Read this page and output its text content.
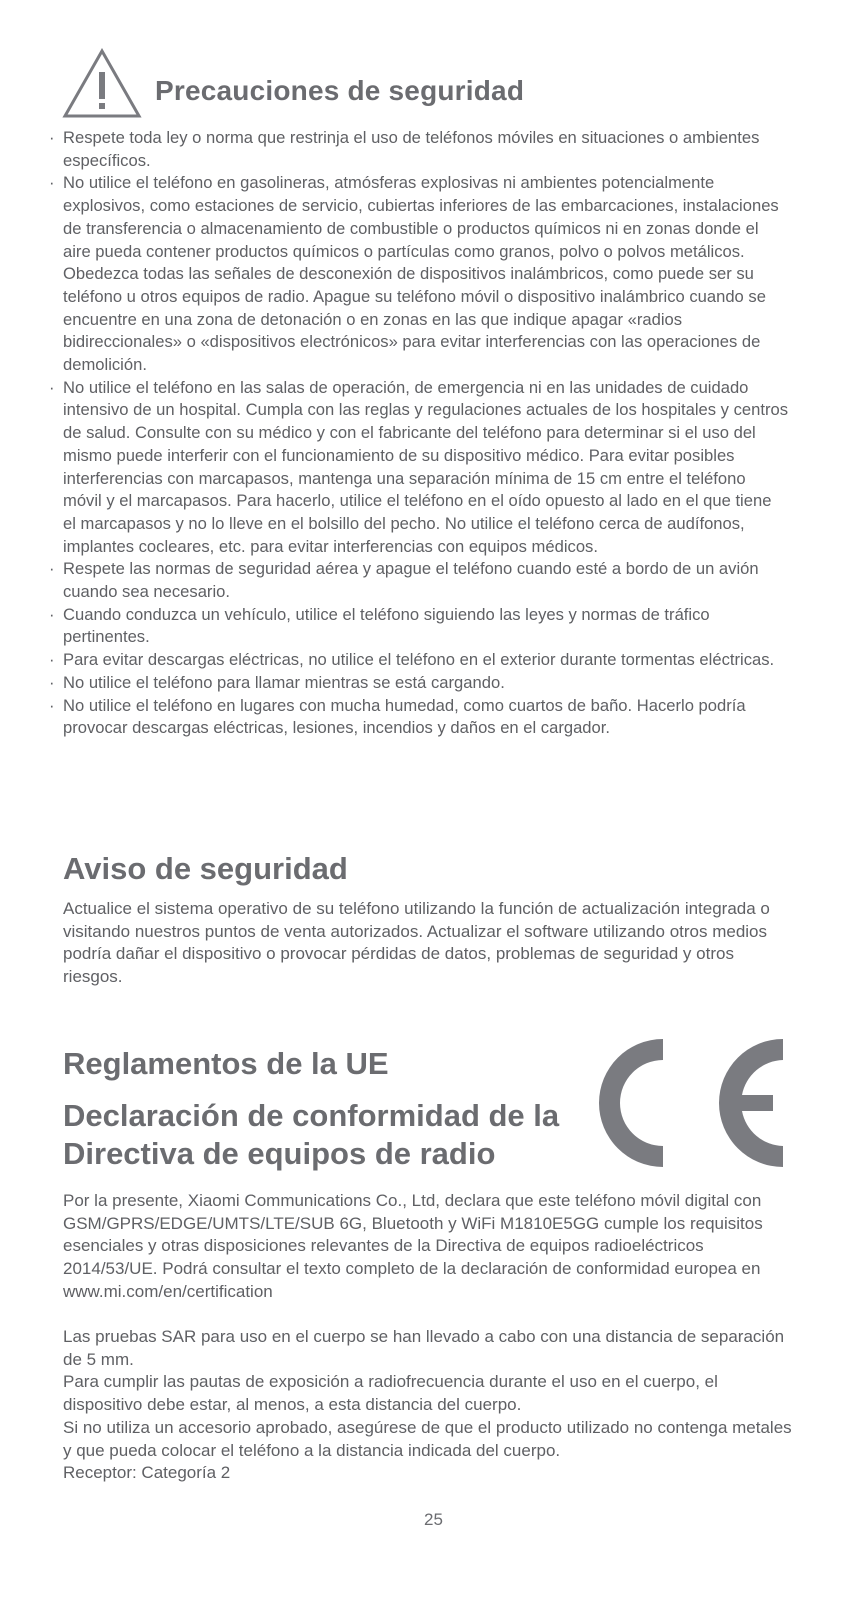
Precauciones de seguridad
· Respete toda ley o norma que restrinja el uso de teléfonos móviles en situaciones o ambientes específicos.

· No utilice el teléfono en gasolineras, atmósferas explosivas ni ambientes potencialmente explosivos, como estaciones de servicio, cubiertas inferiores de las embarcaciones, instalaciones de transferencia o almacenamiento de combustible o productos químicos ni en zonas donde el aire pueda contener productos químicos o partículas como granos, polvo o polvos metálicos.

Obedezca todas las señales de desconexión de dispositivos inalámbricos, como puede ser su teléfono u otros equipos de radio. Apague su teléfono móvil o dispositivo inalámbrico cuando se encuentre en una zona de detonación o en zonas en las que indique apagar «radios bidireccionales» o «dispositivos electrónicos» para evitar interferencias con las operaciones de demolición.

· No utilice el teléfono en las salas de operación, de emergencia ni en las unidades de cuidado intensivo de un hospital. Cumpla con las reglas y regulaciones actuales de los hospitales y centros de salud. Consulte con su médico y con el fabricante del teléfono para determinar si el uso del mismo puede interferir con el funcionamiento de su dispositivo médico. Para evitar posibles interferencias con marcapasos, mantenga una separación mínima de 15 cm entre el teléfono móvil y el marcapasos. Para hacerlo, utilice el teléfono en el oído opuesto al lado en el que tiene el marcapasos y no lo lleve en el bolsillo del pecho. No utilice el teléfono cerca de audífonos, implantes cocleares, etc. para evitar interferencias con equipos médicos.

· Respete las normas de seguridad aérea y apague el teléfono cuando esté a bordo de un avión cuando sea necesario.

· Cuando conduzca un vehículo, utilice el teléfono siguiendo las leyes y normas de tráfico pertinentes.

· Para evitar descargas eléctricas, no utilice el teléfono en el exterior durante tormentas eléctricas.

· No utilice el teléfono para llamar mientras se está cargando.

· No utilice el teléfono en lugares con mucha humedad, como cuartos de baño. Hacerlo podría provocar descargas eléctricas, lesiones, incendios y daños en el cargador.

Aviso de seguridad

Actualice el sistema operativo de su teléfono utilizando la función de actualización integrada o visitando nuestros puntos de venta autorizados. Actualizar el software utilizando otros medios podría dañar el dispositivo o provocar pérdidas de datos, problemas de seguridad y otros riesgos.

Reglamentos de la UE
Declaración de conformidad de la
Directiva de equipos de radio

Por la presente, Xiaomi Communications Co., Ltd, declara que este teléfono móvil digital con GSM/GPRS/EDGE/UMTS/LTE/SUB 6G, Bluetooth y WiFi M1810E5GG cumple los requisitos esenciales y otras disposiciones relevantes de la Directiva de equipos radioeléctricos 2014/53/UE. Podrá consultar el texto completo de la declaración de conformidad europea en www.mi.com/en/certification

Las pruebas SAR para uso en el cuerpo se han llevado a cabo con una distancia de separación de 5 mm.

Para cumplir las pautas de exposición a radiofrecuencia durante el uso en el cuerpo, el dispositivo debe estar, al menos, a esta distancia del cuerpo.

Si no utiliza un accesorio aprobado, asegúrese de que el producto utilizado no contenga metales y que pueda colocar el teléfono a la distancia indicada del cuerpo.

Receptor: Categoría 2

25
